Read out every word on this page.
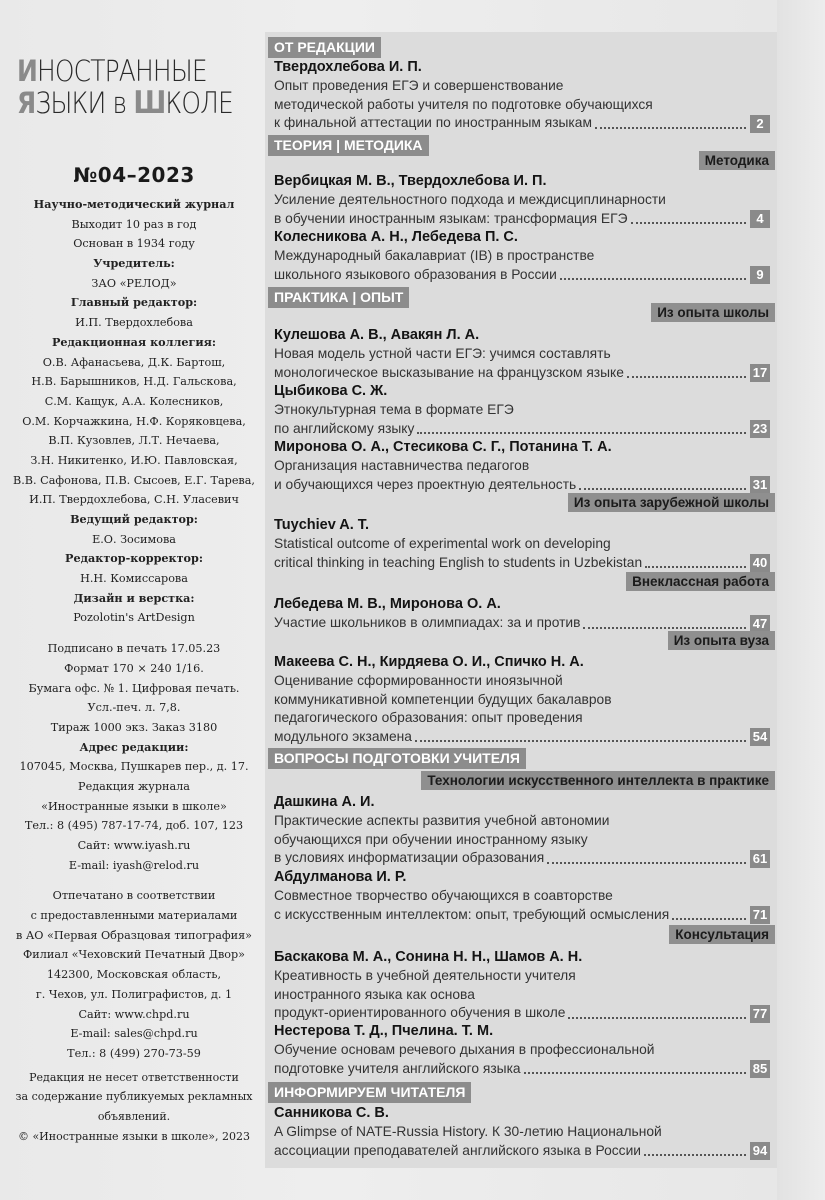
ИНОСТРАННЫЕ
ЯЗЫКИ в ШКОЛЕ
№04–2023
Научно-методический журнал
Выходит 10 раз в год
Основан в 1934 году
Учредитель:
ЗАО «РЕЛОД»
Главный редактор:
И.П. Твердохлебова
Редакционная коллегия:
О.В. Афанасьева, Д.К. Бартош,
Н.В. Барышников, Н.Д. Гальскова,
С.М. Кащук, А.А. Колесников,
О.М. Корчажкина, Н.Ф. Коряковцева,
В.П. Кузовлев, Л.Т. Нечаева,
З.Н. Никитенко, И.Ю. Павловская,
В.В. Сафонова, П.В. Сысоев, Е.Г. Тарева,
И.П. Твердохлебова, С.Н. Уласевич
Ведущий редактор:
Е.О. Зосимова
Редактор-корректор:
Н.Н. Комиссарова
Дизайн и верстка:
Pozolotin's ArtDesign
Подписано в печать 17.05.23
Формат 170 × 240 1/16.
Бумага офс. № 1. Цифровая печать.
Усл.-печ. л. 7,8.
Тираж 1000 экз. Заказ 3180
Адрес редакции:
107045, Москва, Пушкарев пер., д. 17.
Редакция журнала
«Иностранные языки в школе»
Тел.: 8 (495) 787-17-74, доб. 107, 123
Сайт: www.iyash.ru
E-mail: iyash@relod.ru
Отпечатано в соответствии
с предоставленными материалами
в АО «Первая Образцовая типография»
Филиал «Чеховский Печатный Двор»
142300, Московская область,
г. Чехов, ул. Полиграфистов, д. 1
Сайт: www.chpd.ru
E-mail: sales@chpd.ru
Тел.: 8 (499) 270-73-59
Редакция не несет ответственности
за содержание публикуемых рекламных
объявлений.
© «Иностранные языки в школе», 2023
ОТ РЕДАКЦИИ
Твердохлебова И. П.
Опыт проведения ЕГЭ и совершенствование
методической работы учителя по подготовке обучающихся
к финальной аттестации по иностранным языкам	2
ТЕОРИЯ | МЕТОДИКА
Методика
Вербицкая М. В., Твердохлебова И. П.
Усиление деятельностного подхода и междисциплинарности
в обучении иностранным языкам: трансформация ЕГЭ	4
Колесникова А. Н., Лебедева П. С.
Международный бакалавриат (IB) в пространстве
школьного языкового образования в России	9
ПРАКТИКА | ОПЫТ
Из опыта школы
Кулешова А. В., Авакян Л. А.
Новая модель устной части ЕГЭ: учимся составлять
монологическое высказывание на французском языке	17
Цыбикова С. Ж.
Этнокультурная тема в формате ЕГЭ
по английскому языку	23
Миронова О. А., Стесикова С. Г., Потанина Т. А.
Организация наставничества педагогов
и обучающихся через проектную деятельность	31
Из опыта зарубежной школы
Tuychiev A. T.
Statistical outcome of experimental work on developing
critical thinking in teaching English to students in Uzbekistan	40
Внеклассная работа
Лебедева М. В., Миронова О. А.
Участие школьников в олимпиадах: за и против	47
Из опыта вуза
Макеева С. Н., Кирдяева О. И., Спичко Н. А.
Оценивание сформированности иноязычной
коммуникативной компетенции будущих бакалавров
педагогического образования: опыт проведения
модульного экзамена	54
ВОПРОСЫ ПОДГОТОВКИ УЧИТЕЛЯ
Технологии искусственного интеллекта в практике
Дашкина А. И.
Практические аспекты развития учебной автономии
обучающихся при обучении иностранному языку
в условиях информатизации образования	61
Абдулманова И. Р.
Совместное творчество обучающихся в соавторстве
с искусственным интеллектом: опыт, требующий осмысления	71
Консультация
Баскакова М. А., Сонина Н. Н., Шамов А. Н.
Креативность в учебной деятельности учителя
иностранного языка как основа
продукт-ориентированного обучения в школе	77
Нестерова Т. Д., Пчелина. Т. М.
Обучение основам речевого дыхания в профессиональной
подготовке учителя английского языка	85
ИНФОРМИРУЕМ ЧИТАТЕЛЯ
Санникова С. В.
A Glimpse of NATE-Russia History. К 30-летию Национальной
ассоциации преподавателей английского языка в России	94
